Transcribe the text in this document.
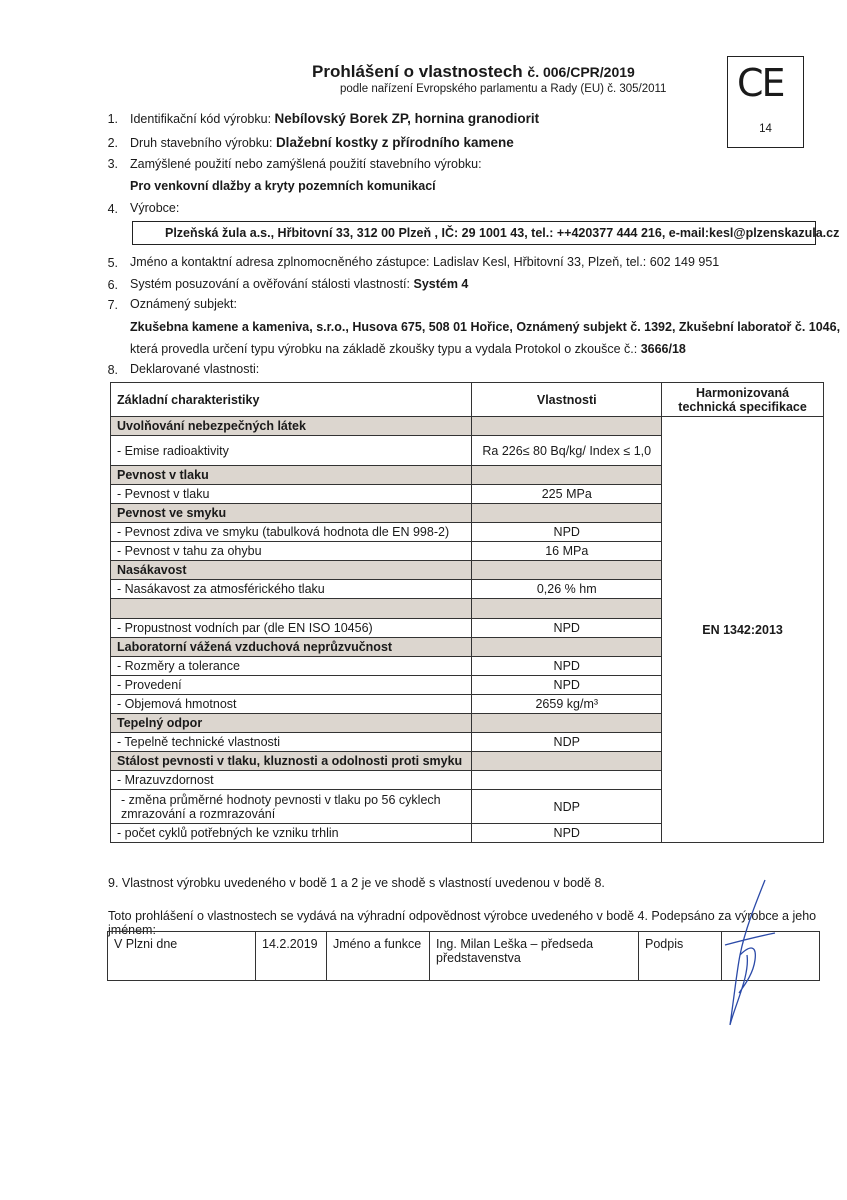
Prohlášení o vlastnostech č. 006/CPR/2019
podle nařízení Evropského parlamentu a Rady (EU) č. 305/2011 CE
14
1. Identifikační kód výrobku: Nebílovský Borek ZP, hornina granodiorit
2. Druh stavebního výrobku: Dlažební kostky z přírodního kamene
3. Zamýšlené použití nebo zamýšlená použití stavebního výrobku:
Pro venkovní dlažby a kryty pozemních komunikací
4. Výrobce:
Plzeňská žula a.s., Hřbitovní 33, 312 00 Plzeň , IČ: 29 1001 43, tel.: ++420377 444 216, e-mail:kesl@plzenskazula.cz
5. Jméno a kontaktní adresa zplnomocněného zástupce: Ladislav Kesl, Hřbitovní 33, Plzeň, tel.: 602 149 951
6. Systém posuzování a ověřování stálosti vlastností: Systém 4
7. Oznámený subjekt:
Zkušebna kamene a kameniva, s.r.o., Husova 675, 508 01 Hořice, Oznámený subjekt č. 1392, Zkušební laboratoř č. 1046,
která provedla určení typu výrobku na základě zkoušky typu a vydala Protokol o zkoušce č.: 3666/18
8. Deklarované vlastnosti:
Základní charakteristiky	Vlastnosti	Harmonizovaná technická specifikace
Uvolňování nebezpečných látek		EN 1342:2013
- Emise radioaktivity	Ra 226≤ 80 Bq/kg/ Index ≤ 1,0	
Pevnost v tlaku		
- Pevnost v tlaku	225 MPa	
Pevnost ve smyku		
- Pevnost zdiva ve smyku (tabulková hodnota dle EN 998-2)	NPD	
- Pevnost v tahu za ohybu	16 MPa	
Nasákavost		
- Nasákavost za atmosférického tlaku	0,26 % hm	

- Propustnost vodních par (dle EN ISO 10456)	NPD	
Laboratorní vážená vzduchová neprůzvučnost		
- Rozměry a tolerance	NPD	
- Provedení	NPD	
- Objemová hmotnost	2659 kg/m³	
Tepelný odpor		
- Tepelně technické vlastnosti	NDP	
Stálost pevnosti v tlaku, kluznosti a odolnosti proti smyku		
- Mrazuvzdornost		
- změna průměrné hodnoty pevnosti v tlaku po 56 cyklech zmrazování a rozmrazování	NDP	
- počet cyklů potřebných ke vzniku trhlin	NPD	
9. Vlastnost výrobku uvedeného v bodě 1 a 2 je ve shodě s vlastností uvedenou v bodě 8.
Toto prohlášení o vlastnostech se vydává na výhradní odpovědnost výrobce uvedeného v bodě 4. Podepsáno za výrobce a jeho jménem:
V Plzni dne	14.2.2019	Jméno a funkce	Ing. Milan Leška – předseda představenstva	Podpis	
